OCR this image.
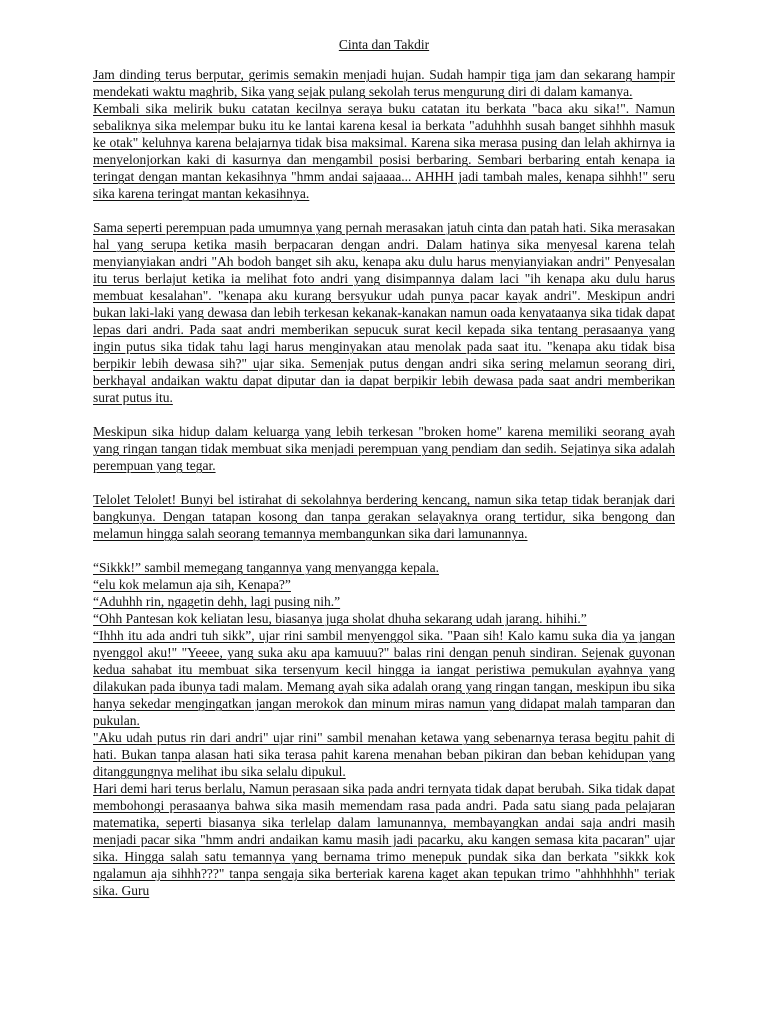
Cinta dan Takdir

Jam dinding terus berputar, gerimis semakin menjadi hujan. Sudah hampir tiga jam dan sekarang hampir mendekati waktu maghrib, Sika yang sejak pulang sekolah terus mengurung diri di dalam kamanya.

Kembali sika melirik buku catatan kecilnya seraya buku catatan itu berkata "baca aku sika!". Namun sebaliknya sika melempar buku itu ke lantai karena kesal ia berkata "aduhhhh susah banget sihhhh masuk ke otak" keluhnya karena belajarnya tidak bisa maksimal. Karena sika merasa pusing dan lelah akhirnya ia menyelonjorkan kaki di kasurnya dan mengambil posisi berbaring. Sembari berbaring entah kenapa ia teringat dengan mantan kekasihnya "hmm andai sajaaaa... AHHH jadi tambah males, kenapa sihhh!" seru sika karena teringat mantan kekasihnya.

Sama seperti perempuan pada umumnya yang pernah merasakan jatuh cinta dan patah hati. Sika merasakan hal yang serupa ketika masih berpacaran dengan andri. Dalam hatinya sika menyesal karena telah menyianyiakan andri "Ah bodoh banget sih aku, kenapa aku dulu harus menyianyiakan andri" Penyesalan itu terus berlajut ketika ia melihat foto andri yang disimpannya dalam laci "ih kenapa aku dulu harus membuat kesalahan". "kenapa aku kurang bersyukur udah punya pacar kayak andri". Meskipun andri bukan laki-laki yang dewasa dan lebih terkesan kekanak-kanakan namun oada kenyataanya sika tidak dapat lepas dari andri. Pada saat andri memberikan sepucuk surat kecil kepada sika tentang perasaanya yang ingin putus sika tidak tahu lagi harus menginyakan atau menolak pada saat itu. "kenapa aku tidak bisa berpikir lebih dewasa sih?" ujar sika. Semenjak putus dengan andri sika sering melamun seorang diri, berkhayal andaikan waktu dapat diputar dan ia dapat berpikir lebih dewasa pada saat andri memberikan surat putus itu.

Meskipun sika hidup dalam keluarga yang lebih terkesan "broken home" karena memiliki seorang ayah yang ringan tangan tidak membuat sika menjadi perempuan yang pendiam dan sedih. Sejatinya sika adalah perempuan yang tegar.

Telolet Telolet! Bunyi bel istirahat di sekolahnya berdering kencang, namun sika tetap tidak beranjak dari bangkunya. Dengan tatapan kosong dan tanpa gerakan selayaknya orang tertidur, sika bengong dan melamun hingga salah seorang temannya membangunkan sika dari lamunannya.

“Sikkk!” sambil memegang tangannya yang menyangga kepala.

“elu kok melamun aja sih, Kenapa?”

“Aduhhh rin, ngagetin dehh, lagi pusing nih.”

“Ohh Pantesan kok keliatan lesu, biasanya juga sholat dhuha sekarang udah jarang. hihihi.”

“Ihhh itu ada andri tuh sikk”, ujar rini sambil menyenggol sika. "Paan sih! Kalo kamu suka dia ya jangan nyenggol aku!" "Yeeee, yang suka aku apa kamuuu?" balas rini dengan penuh sindiran. Sejenak guyonan kedua sahabat itu membuat sika tersenyum kecil hingga ia iangat peristiwa pemukulan ayahnya yang dilakukan pada ibunya tadi malam. Memang ayah sika adalah orang yang ringan tangan, meskipun ibu sika hanya sekedar mengingatkan jangan merokok dan minum miras namun yang didapat malah tamparan dan pukulan.

"Aku udah putus rin dari andri" ujar rini" sambil menahan ketawa yang sebenarnya terasa begitu pahit di hati. Bukan tanpa alasan hati sika terasa pahit karena menahan beban pikiran dan beban kehidupan yang ditanggungnya melihat ibu sika selalu dipukul.

Hari demi hari terus berlalu, Namun perasaan sika pada andri ternyata tidak dapat berubah. Sika tidak dapat membohongi perasaanya bahwa sika masih memendam rasa pada andri. Pada satu siang pada pelajaran matematika, seperti biasanya sika terlelap dalam lamunannya, membayangkan andai saja andri masih menjadi pacar sika "hmm andri andaikan kamu masih jadi pacarku, aku kangen semasa kita pacaran" ujar sika. Hingga salah satu temannya yang bernama trimo menepuk pundak sika dan berkata "sikkk kok ngalamun aja sihhh???" tanpa sengaja sika berteriak karena kaget akan tepukan trimo "ahhhhhhh" teriak sika. Guru
